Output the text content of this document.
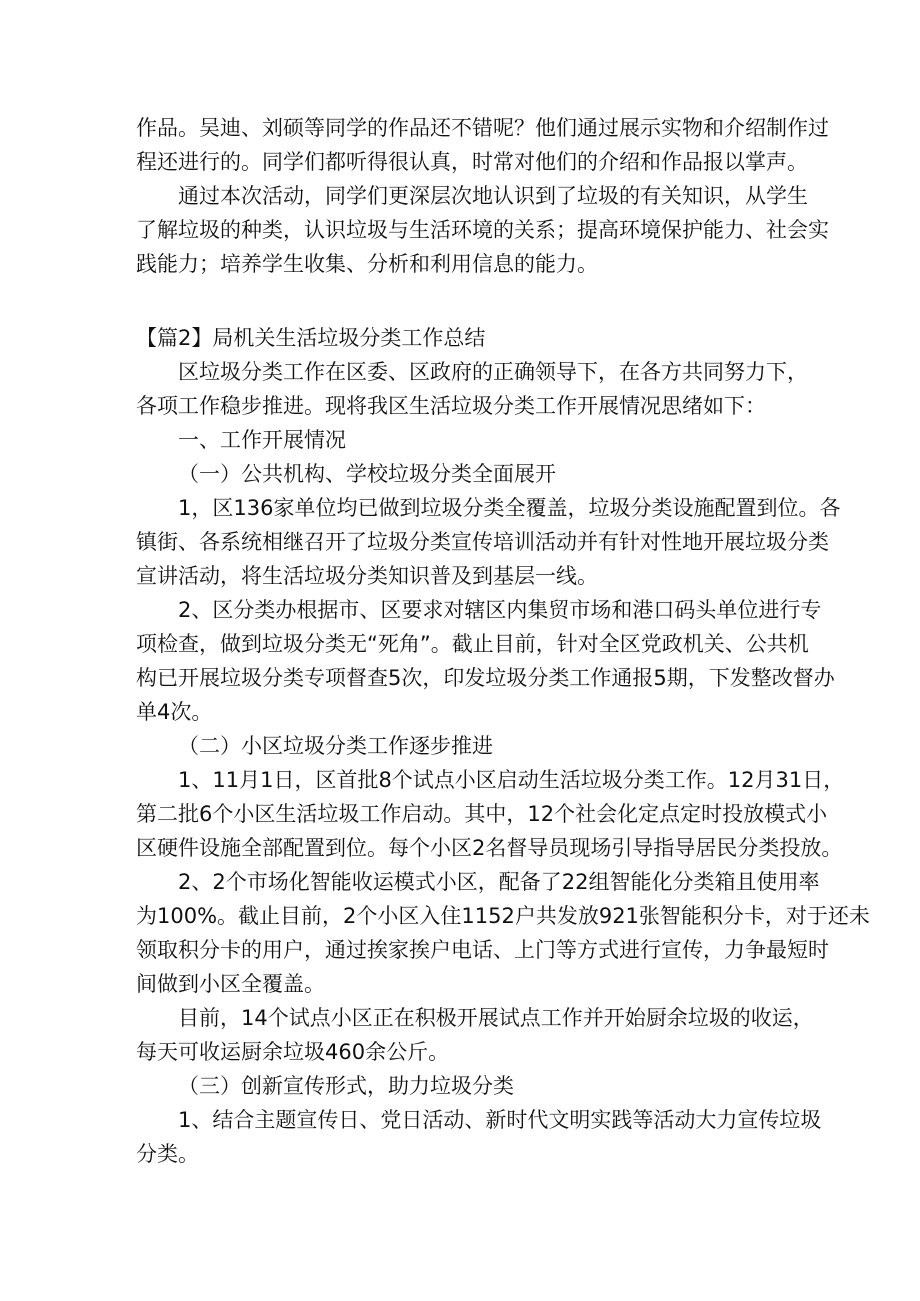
作品。吴迪、刘硕等同学的作品还不错呢？他们通过展示实物和介绍制作过
程还进行的。同学们都听得很认真，时常对他们的介绍和作品报以掌声。
通过本次活动，同学们更深层次地认识到了垃圾的有关知识，从学生
了解垃圾的种类，认识垃圾与生活环境的关系；提高环境保护能力、社会实
践能力；培养学生收集、分析和利用信息的能力。
【篇2】局机关生活垃圾分类工作总结
区垃圾分类工作在区委、区政府的正确领导下，在各方共同努力下，
各项工作稳步推进。现将我区生活垃圾分类工作开展情况思绪如下：
一、工作开展情况
（一）公共机构、学校垃圾分类全面展开
1，区136家单位均已做到垃圾分类全覆盖，垃圾分类设施配置到位。各
镇街、各系统相继召开了垃圾分类宣传培训活动并有针对性地开展垃圾分类
宣讲活动，将生活垃圾分类知识普及到基层一线。
2、区分类办根据市、区要求对辖区内集贸市场和港口码头单位进行专
项检查，做到垃圾分类无“死角”。截止目前，针对全区党政机关、公共机
构已开展垃圾分类专项督查5次，印发垃圾分类工作通报5期，下发整改督办
单4次。
（二）小区垃圾分类工作逐步推进
1、11月1日，区首批8个试点小区启动生活垃圾分类工作。12月31日，
第二批6个小区生活垃圾工作启动。其中，12个社会化定点定时投放模式小
区硬件设施全部配置到位。每个小区2名督导员现场引导指导居民分类投放。
2、2个市场化智能收运模式小区，配备了22组智能化分类箱且使用率
为100%。截止目前，2个小区入住1152户共发放921张智能积分卡，对于还未
领取积分卡的用户，通过挨家挨户电话、上门等方式进行宣传，力争最短时
间做到小区全覆盖。
目前，14个试点小区正在积极开展试点工作并开始厨余垃圾的收运，
每天可收运厨余垃圾460余公斤。
（三）创新宣传形式，助力垃圾分类
1、结合主题宣传日、党日活动、新时代文明实践等活动大力宣传垃圾
分类。
